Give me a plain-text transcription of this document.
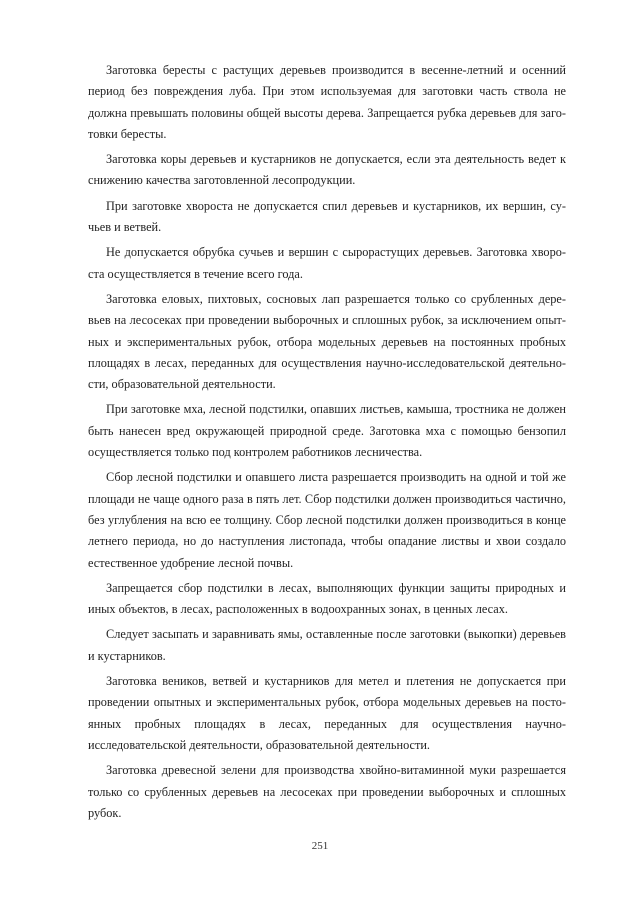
Заготовка бересты с растущих деревьев производится в весенне-летний и осенний период без повреждения луба. При этом используемая для заготовки часть ствола не должна превышать половины общей высоты дерева. Запрещается рубка деревьев для заготовки бересты.

Заготовка коры деревьев и кустарников не допускается, если эта деятельность ведет к снижению качества заготовленной лесопродукции.

При заготовке хвороста не допускается спил деревьев и кустарников, их вершин, сучьев и ветвей.

Не допускается обрубка сучьев и вершин с сырорастущих деревьев. Заготовка хвороста осуществляется в течение всего года.

Заготовка еловых, пихтовых, сосновых лап разрешается только со срубленных деревьев на лесосеках при проведении выборочных и сплошных рубок, за исключением опытных и экспериментальных рубок, отбора модельных деревьев на постоянных пробных площадях в лесах, переданных для осуществления научно-исследовательской деятельности, образовательной деятельности.

При заготовке мха, лесной подстилки, опавших листьев, камыша, тростника не должен быть нанесен вред окружающей природной среде. Заготовка мха с помощью бензопил осуществляется только под контролем работников лесничества.

Сбор лесной подстилки и опавшего листа разрешается производить на одной и той же площади не чаще одного раза в пять лет. Сбор подстилки должен производиться частично, без углубления на всю ее толщину. Сбор лесной подстилки должен производиться в конце летнего периода, но до наступления листопада, чтобы опадание листвы и хвои создало естественное удобрение лесной почвы.

Запрещается сбор подстилки в лесах, выполняющих функции защиты природных и иных объектов, в лесах, расположенных в водоохранных зонах, в ценных лесах.

Следует засыпать и заравнивать ямы, оставленные после заготовки (выкопки) деревьев и кустарников.

Заготовка веников, ветвей и кустарников для метел и плетения не допускается при проведении опытных и экспериментальных рубок, отбора модельных деревьев на постоянных пробных площадях в лесах, переданных для осуществления научно-исследовательской деятельности, образовательной деятельности.

Заготовка древесной зелени для производства хвойно-витаминной муки разрешается только со срубленных деревьев на лесосеках при проведении выборочных и сплошных рубок.

251
